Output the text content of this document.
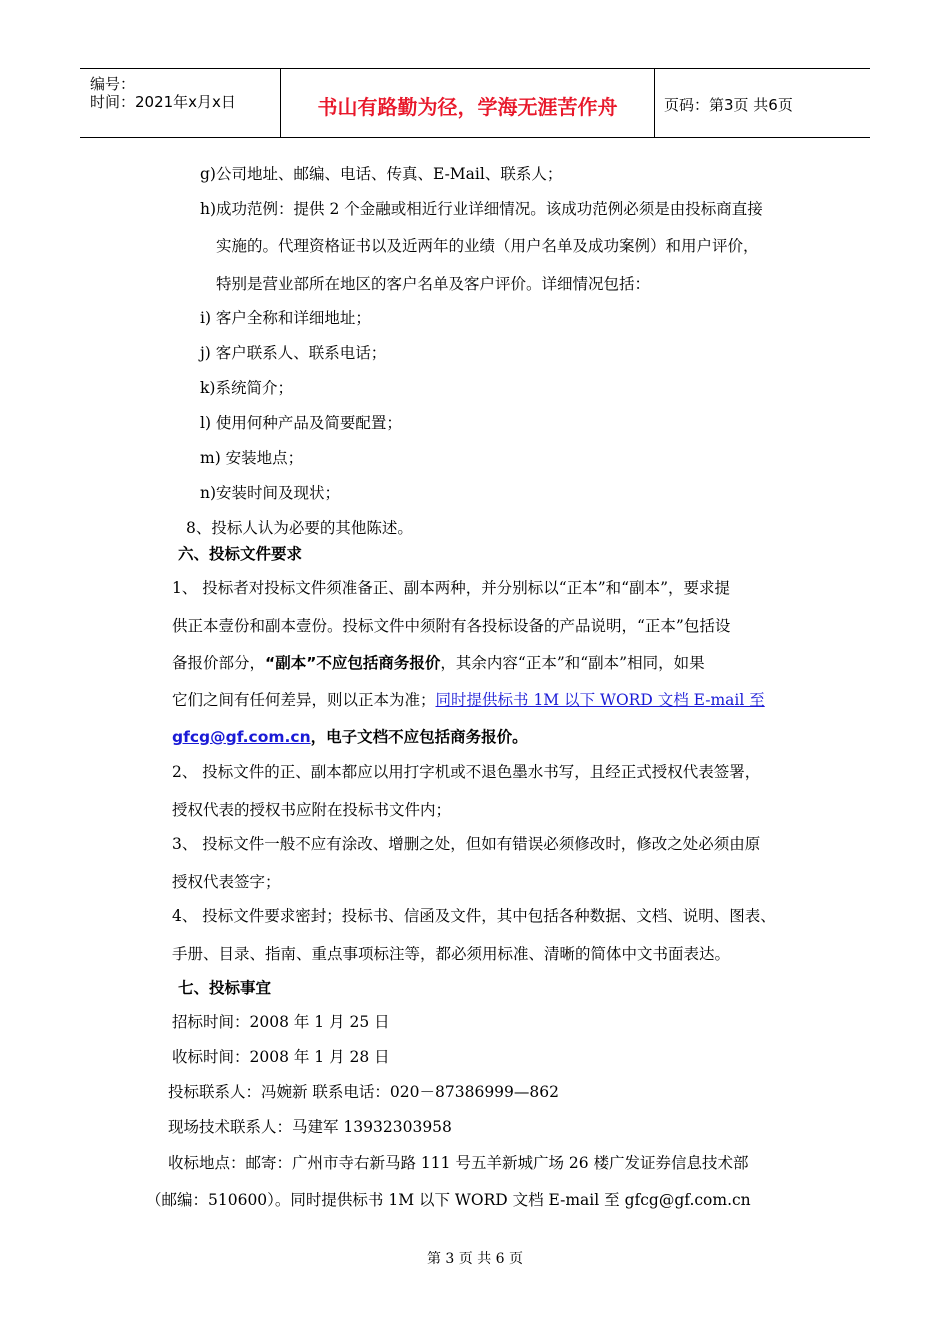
编号：
时间：2021年x月x日	书山有路勤为径，学海无涯苦作舟	页码：第3页 共6页
g)公司地址、邮编、电话、传真、E-Mail、联系人；
h)成功范例：提供 2 个金融或相近行业详细情况。该成功范例必须是由投标商直接
实施的。代理资格证书以及近两年的业绩（用户名单及成功案例）和用户评价，
特别是营业部所在地区的客户名单及客户评价。详细情况包括：
i) 客户全称和详细地址；
j) 客户联系人、联系电话；
k)系统简介；
l) 使用何种产品及简要配置；
m) 安装地点；
n)安装时间及现状；
8、投标人认为必要的其他陈述。
六、投标文件要求
1、 投标者对投标文件须准备正、副本两种，并分别标以“正本”和“副本”，要求提
供正本壹份和副本壹份。投标文件中须附有各投标设备的产品说明，“正本”包括设
备报价部分，“副本”不应包括商务报价，其余内容“正本”和“副本”相同，如果
它们之间有任何差异，则以正本为准；同时提供标书 1M 以下 WORD 文档 E-mail 至
gfcg@gf.com.cn，电子文档不应包括商务报价。
2、 投标文件的正、副本都应以用打字机或不退色墨水书写，且经正式授权代表签署，
授权代表的授权书应附在投标书文件内；
3、 投标文件一般不应有涂改、增删之处，但如有错误必须修改时，修改之处必须由原
授权代表签字；
4、 投标文件要求密封；投标书、信函及文件，其中包括各种数据、文档、说明、图表、
手册、目录、指南、重点事项标注等，都必须用标准、清晰的简体中文书面表达。
七、投标事宜
招标时间：2008 年 1 月 25 日
收标时间：2008 年 1 月 28 日
投标联系人：冯婉新 联系电话：020－87386999—862
现场技术联系人：马建军 13932303958
收标地点：邮寄：广州市寺右新马路 111 号五羊新城广场 26 楼广发证券信息技术部
（邮编：510600）。同时提供标书 1M 以下 WORD 文档 E-mail 至 gfcg@gf.com.cn
第 3 页 共 6 页
